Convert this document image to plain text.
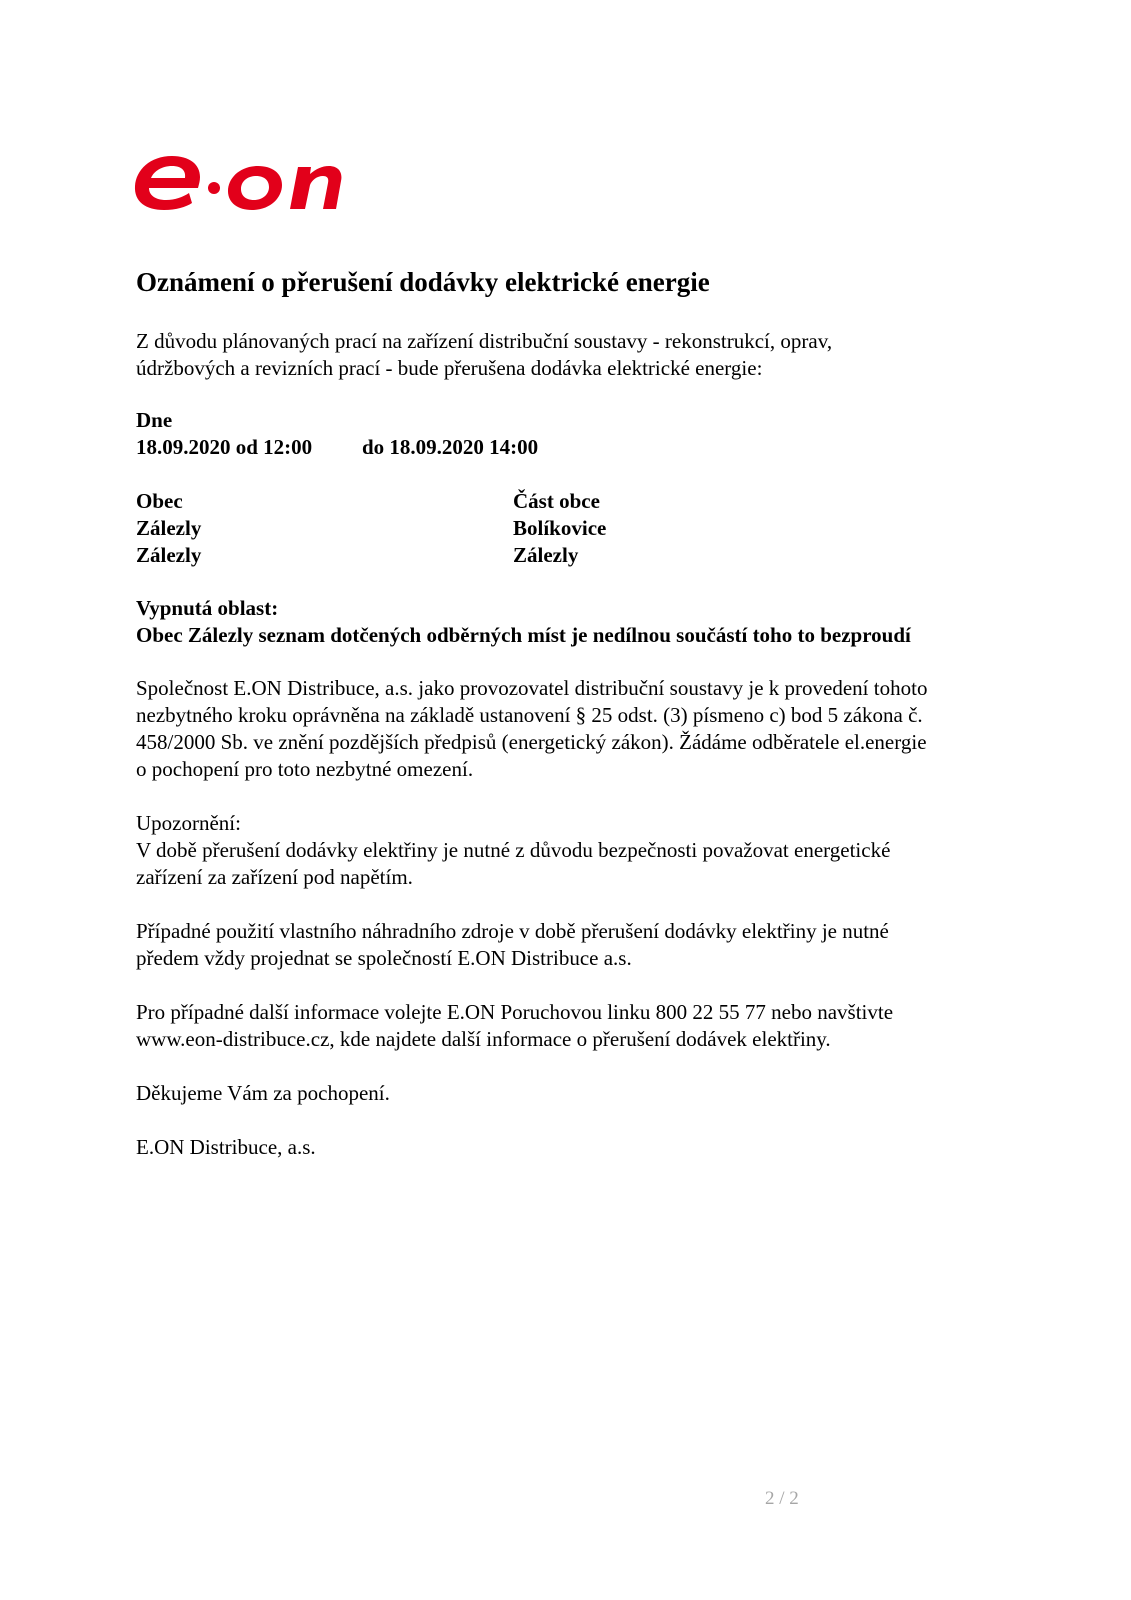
Oznámení o přerušení dodávky elektrické energie

Z důvodu plánovaných prací na zařízení distribuční soustavy - rekonstrukcí, oprav,

údržbových a revizních prací - bude přerušena dodávka elektrické energie:

Dne

18.09.2020 od 12:00 do 18.09.2020 14:00

Obec	Část obce

Zálezly	Bolíkovice

Zálezly	Zálezly

Vypnutá oblast:

Obec Zálezly seznam dotčených odběrných míst je nedílnou součástí toho to bezproudí

Společnost E.ON Distribuce, a.s. jako provozovatel distribuční soustavy je k provedení tohoto

nezbytného kroku oprávněna na základě ustanovení § 25 odst. (3) písmeno c) bod 5 zákona č.

458/2000 Sb. ve znění pozdějších předpisů (energetický zákon). Žádáme odběratele el.energie

o pochopení pro toto nezbytné omezení.

Upozornění:

V době přerušení dodávky elektřiny je nutné z důvodu bezpečnosti považovat energetické

zařízení za zařízení pod napětím.

Případné použití vlastního náhradního zdroje v době přerušení dodávky elektřiny je nutné

předem vždy projednat se společností E.ON Distribuce a.s.

Pro případné další informace volejte E.ON Poruchovou linku 800 22 55 77 nebo navštivte

www.eon-distribuce.cz, kde najdete další informace o přerušení dodávek elektřiny.

Děkujeme Vám za pochopení.

E.ON Distribuce, a.s.

2 / 2
